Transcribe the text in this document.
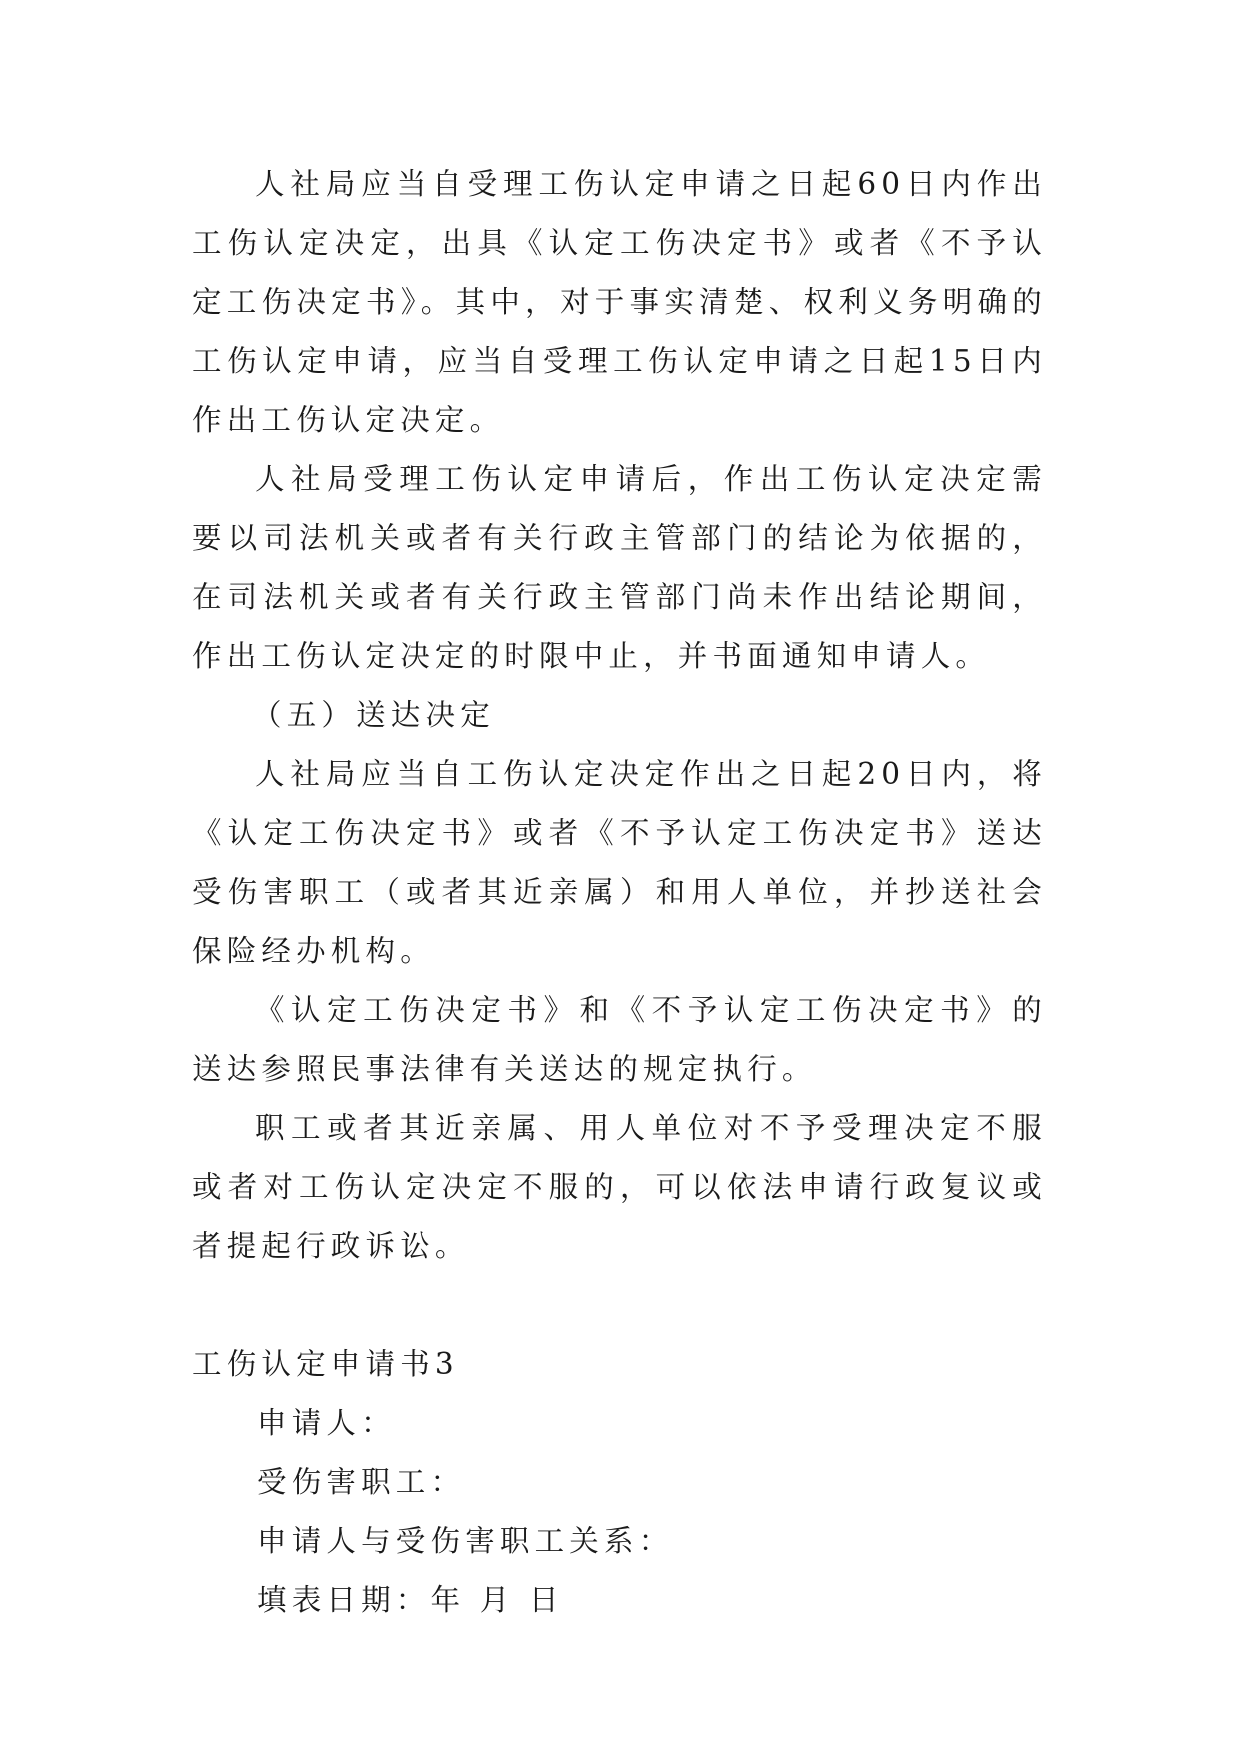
人社局应当自受理工伤认定申请之日起60日内作出工伤认定决定，出具《认定工伤决定书》或者《不予认定工伤决定书》。其中，对于事实清楚、权利义务明确的工伤认定申请，应当自受理工伤认定申请之日起15日内作出工伤认定决定。

人社局受理工伤认定申请后，作出工伤认定决定需要以司法机关或者有关行政主管部门的结论为依据的，在司法机关或者有关行政主管部门尚未作出结论期间，作出工伤认定决定的时限中止，并书面通知申请人。

（五）送达决定

人社局应当自工伤认定决定作出之日起20日内，将《认定工伤决定书》或者《不予认定工伤决定书》送达受伤害职工（或者其近亲属）和用人单位，并抄送社会保险经办机构。

《认定工伤决定书》和《不予认定工伤决定书》的送达参照民事法律有关送达的规定执行。

职工或者其近亲属、用人单位对不予受理决定不服或者对工伤认定决定不服的，可以依法申请行政复议或者提起行政诉讼。

工伤认定申请书3

申请人：

受伤害职工：

申请人与受伤害职工关系：

填表日期：年 月 日
